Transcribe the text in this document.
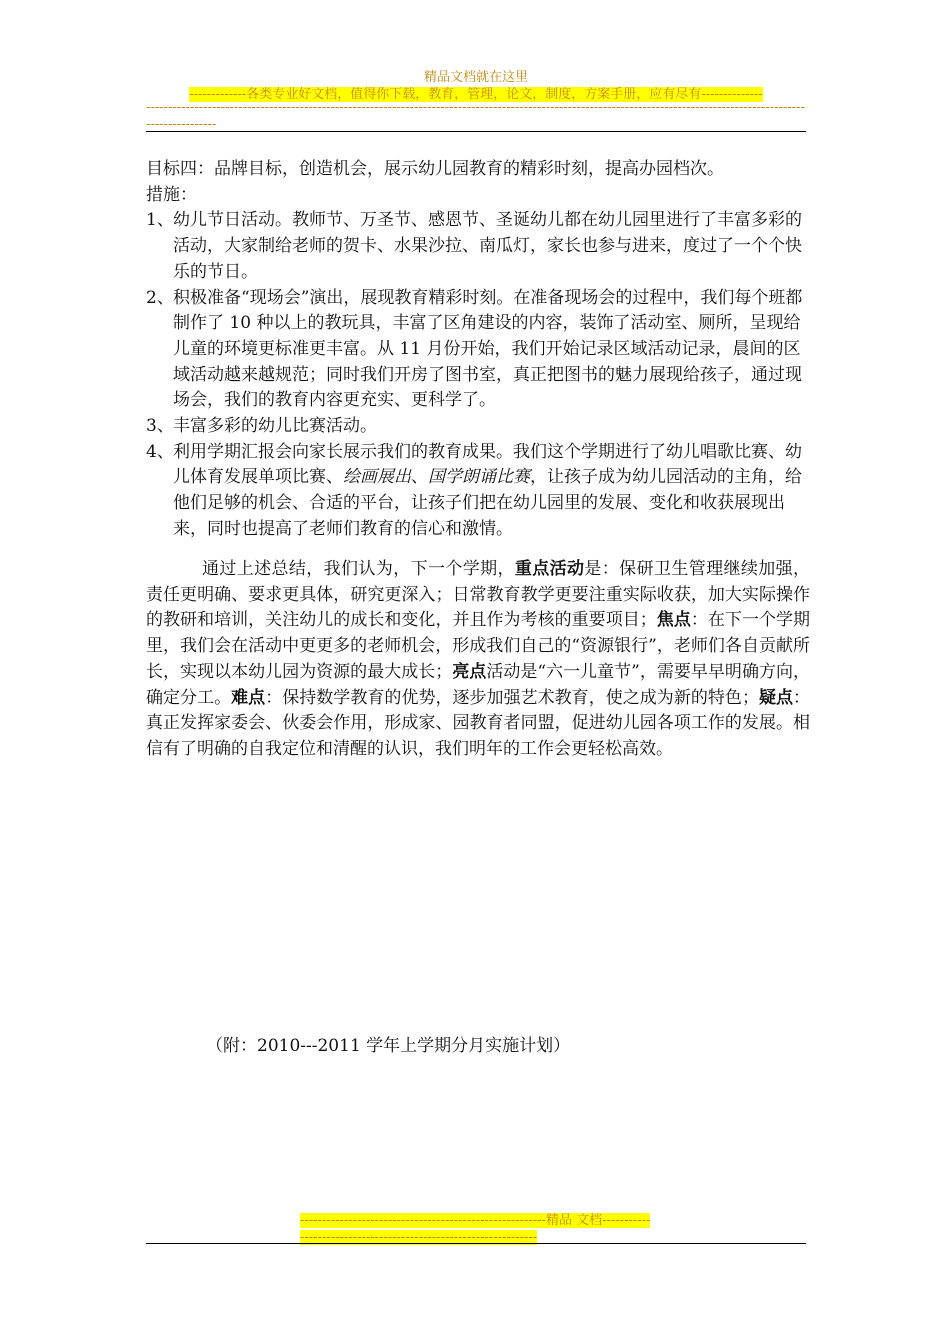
精品文档就在这里
-------------各类专业好文档，值得你下载，教育，管理，论文，制度，方案手册，应有尽有--------------
----------------------------------------------------------------------------------------------------------------------------------------------------------------------
目标四：品牌目标，创造机会，展示幼儿园教育的精彩时刻，提高办园档次。
措施：
1、 幼儿节日活动。教师节、万圣节、感恩节、圣诞幼儿都在幼儿园里进行了丰富多彩的活动，大家制给老师的贺卡、水果沙拉、南瓜灯，家长也参与进来，度过了一个个快乐的节日。
2、 积极准备“现场会”演出，展现教育精彩时刻。在准备现场会的过程中，我们每个班都制作了 10 种以上的教玩具，丰富了区角建设的内容，装饰了活动室、厕所，呈现给儿童的环境更标准更丰富。从 11 月份开始，我们开始记录区域活动记录，晨间的区域活动越来越规范；同时我们开房了图书室，真正把图书的魅力展现给孩子，通过现场会，我们的教育内容更充实、更科学了。
3、 丰富多彩的幼儿比赛活动。
4、 利用学期汇报会向家长展示我们的教育成果。我们这个学期进行了幼儿唱歌比赛、幼儿体育发展单项比赛、绘画展出、国学朗诵比赛，让孩子成为幼儿园活动的主角，给他们足够的机会、合适的平台，让孩子们把在幼儿园里的发展、变化和收获展现出来，同时也提高了老师们教育的信心和激情。
通过上述总结，我们认为，下一个学期，重点活动是：保研卫生管理继续加强，责任更明确、要求更具体，研究更深入；日常教育教学更要注重实际收获，加大实际操作的教研和培训，关注幼儿的成长和变化，并且作为考核的重要项目；焦点：在下一个学期里，我们会在活动中更更多的老师机会，形成我们自己的“资源银行”，老师们各自贡献所长，实现以本幼儿园为资源的最大成长；亮点活动是“六一儿童节”，需要早早明确方向，确定分工。难点：保持数学教育的优势，逐步加强艺术教育，使之成为新的特色；疑点：真正发挥家委会、伙委会作用，形成家、园教育者同盟，促进幼儿园各项工作的发展。相信有了明确的自我定位和清醒的认识，我们明年的工作会更轻松高效。
（附：2010---2011 学年上学期分月实施计划）
--------------------------------------------------------精品 文档-----------------------------------------------------------------
